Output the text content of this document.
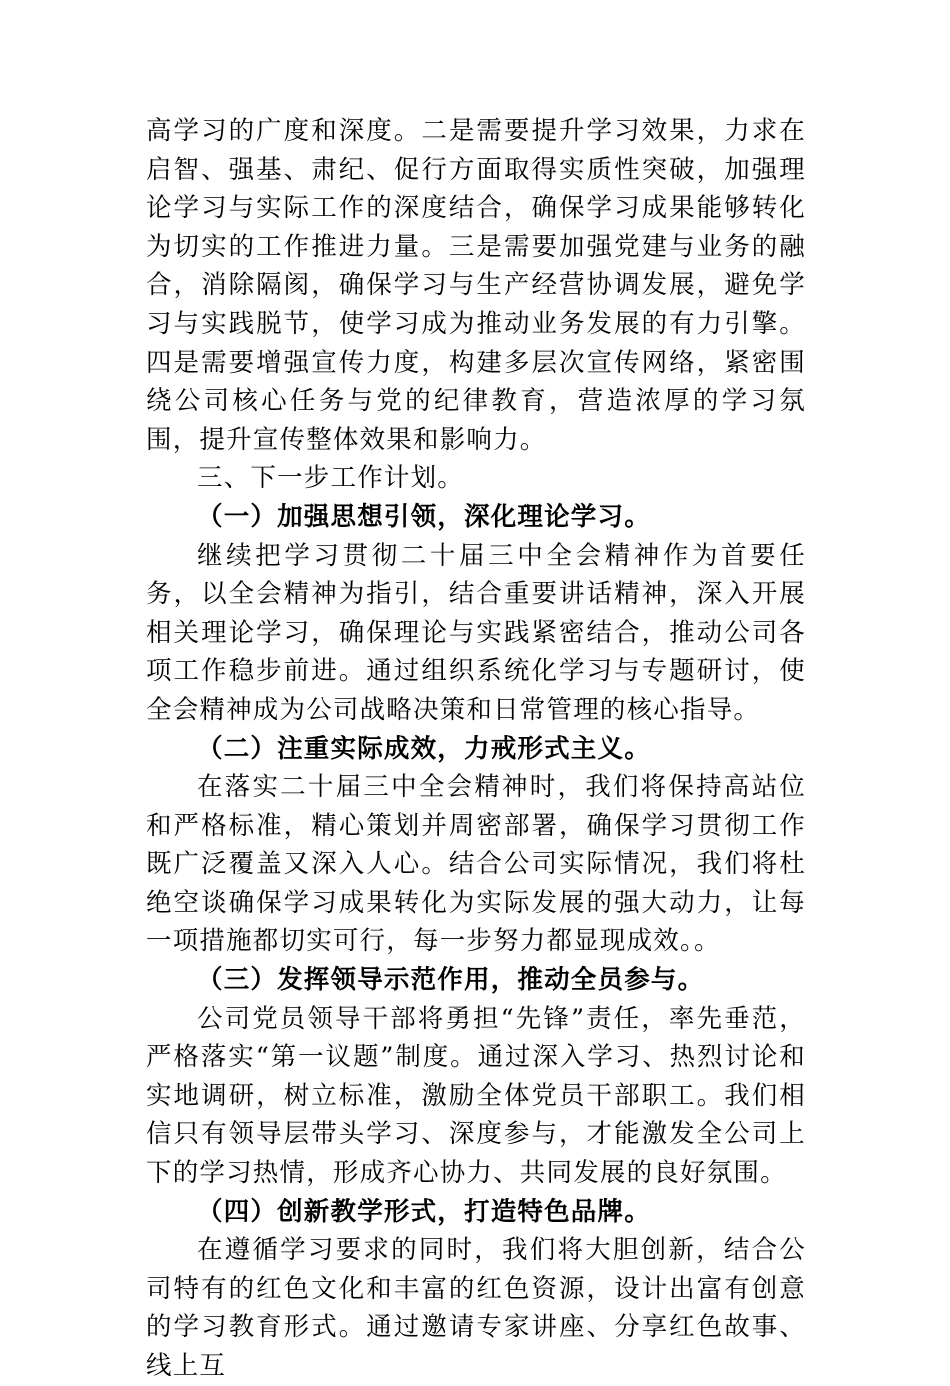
高学习的广度和深度。二是需要提升学习效果，力求在启智、强基、肃纪、促行方面取得实质性突破，加强理论学习与实际工作的深度结合，确保学习成果能够转化为切实的工作推进力量。三是需要加强党建与业务的融合，消除隔阂，确保学习与生产经营协调发展，避免学习与实践脱节，使学习成为推动业务发展的有力引擎。四是需要增强宣传力度，构建多层次宣传网络，紧密围绕公司核心任务与党的纪律教育，营造浓厚的学习氛围，提升宣传整体效果和影响力。

三、下一步工作计划。

（一）加强思想引领，深化理论学习。

继续把学习贯彻二十届三中全会精神作为首要任务，以全会精神为指引，结合重要讲话精神，深入开展相关理论学习，确保理论与实践紧密结合，推动公司各项工作稳步前进。通过组织系统化学习与专题研讨，使全会精神成为公司战略决策和日常管理的核心指导。

（二）注重实际成效，力戒形式主义。

在落实二十届三中全会精神时，我们将保持高站位和严格标准，精心策划并周密部署，确保学习贯彻工作既广泛覆盖又深入人心。结合公司实际情况，我们将杜绝空谈确保学习成果转化为实际发展的强大动力，让每一项措施都切实可行，每一步努力都显现成效。。

（三）发挥领导示范作用，推动全员参与。

公司党员领导干部将勇担“先锋”责任，率先垂范，严格落实“第一议题”制度。通过深入学习、热烈讨论和实地调研，树立标准，激励全体党员干部职工。我们相信只有领导层带头学习、深度参与，才能激发全公司上下的学习热情，形成齐心协力、共同发展的良好氛围。

（四）创新教学形式，打造特色品牌。

在遵循学习要求的同时，我们将大胆创新，结合公司特有的红色文化和丰富的红色资源，设计出富有创意的学习教育形式。通过邀请专家讲座、分享红色故事、线上互
